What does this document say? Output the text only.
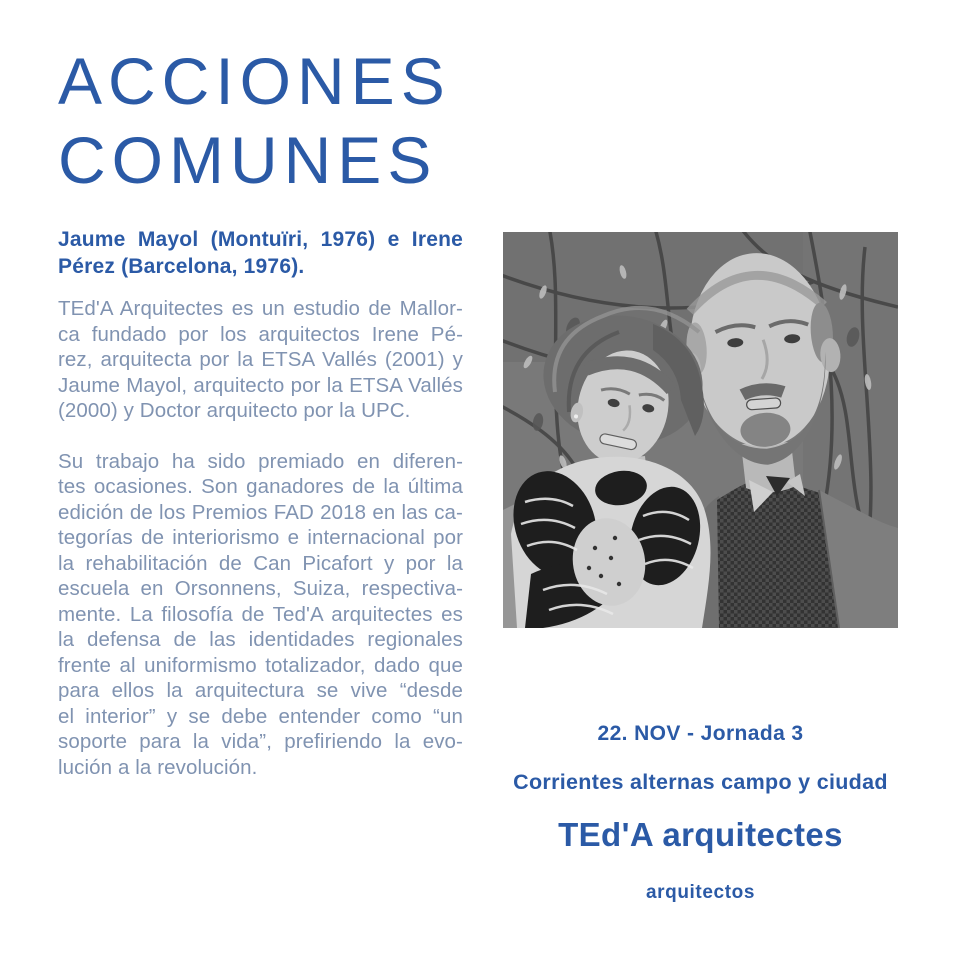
ACCIONES
COMUNES

Jaume Mayol (Montuïri, 1976) e Irene
Pérez (Barcelona, 1976).

TEd'A Arquitectes es un estudio de Mallor-
ca fundado por los arquitectos Irene Pé-
rez, arquitecta por la ETSA Vallés (2001) y
Jaume Mayol, arquitecto por la ETSA Vallés
(2000) y Doctor arquitecto por la UPC.

Su trabajo ha sido premiado en diferen-
tes ocasiones. Son ganadores de la última
edición de los Premios FAD 2018 en las ca-
tegorías de interiorismo e internacional por
la rehabilitación de Can Picafort y por la
escuela en Orsonnens, Suiza, respectiva-
mente. La filosofía de Ted'A arquitectes es
la defensa de las identidades regionales
frente al uniformismo totalizador, dado que
para ellos la arquitectura se vive “desde
el interior” y se debe entender como “un
soporte para la vida”, prefiriendo la evo-
lución a la revolución.

22. NOV - Jornada 3
Corrientes alternas campo y ciudad
TEd'A arquitectes
arquitectos
